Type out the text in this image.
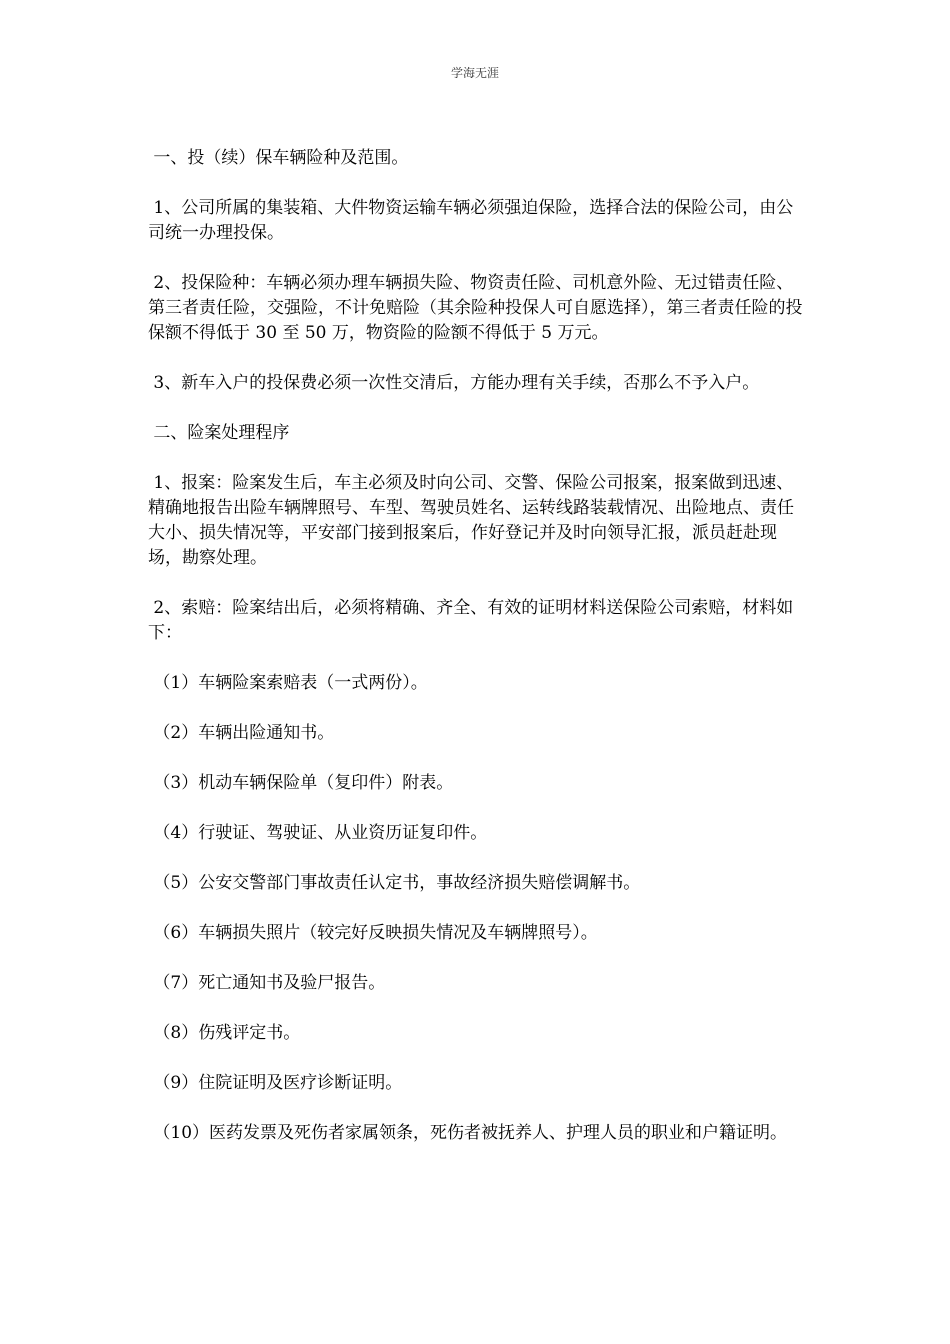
学海无涯

一、投（续）保车辆险种及范围。

1、公司所属的集装箱、大件物资运输车辆必须强迫保险，选择合法的保险公司，由公司统一办理投保。

2、投保险种：车辆必须办理车辆损失险、物资责任险、司机意外险、无过错责任险、第三者责任险，交强险，不计免赔险（其余险种投保人可自愿选择），第三者责任险的投保额不得低于 30 至 50 万，物资险的险额不得低于 5 万元。

3、新车入户的投保费必须一次性交清后，方能办理有关手续，否那么不予入户。

二、险案处理程序

1、报案：险案发生后，车主必须及时向公司、交警、保险公司报案，报案做到迅速、精确地报告出险车辆牌照号、车型、驾驶员姓名、运转线路装载情况、出险地点、责任大小、损失情况等，平安部门接到报案后，作好登记并及时向领导汇报，派员赶赴现场，勘察处理。

2、索赔：险案结出后，必须将精确、齐全、有效的证明材料送保险公司索赔，材料如下：

（1）车辆险案索赔表（一式两份）。

（2）车辆出险通知书。

（3）机动车辆保险单（复印件）附表。

（4）行驶证、驾驶证、从业资历证复印件。

（5）公安交警部门事故责任认定书，事故经济损失赔偿调解书。

（6）车辆损失照片（较完好反映损失情况及车辆牌照号）。

（7）死亡通知书及验尸报告。

（8）伤残评定书。

（9）住院证明及医疗诊断证明。

（10）医药发票及死伤者家属领条，死伤者被抚养人、护理人员的职业和户籍证明。
